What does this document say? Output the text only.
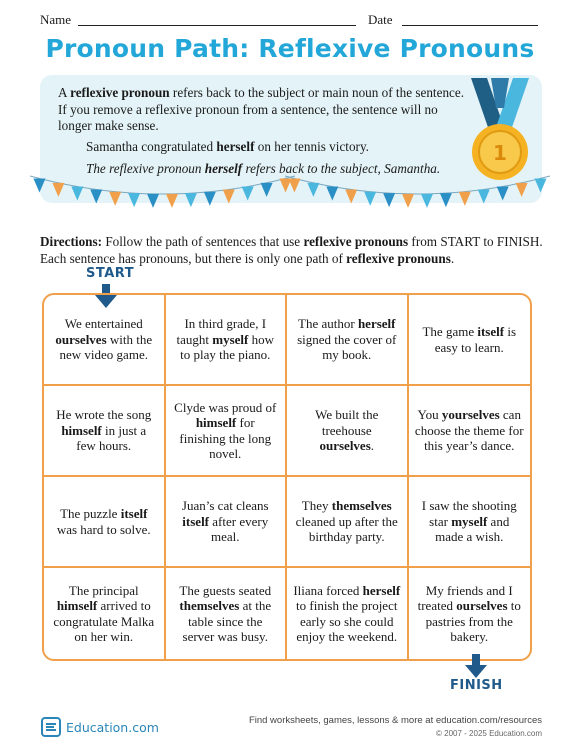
Name	Date
Pronoun Path: Reflexive Pronouns
A reflexive pronoun refers back to the subject or main noun of the sentence. If you remove a reflexive pronoun from a sentence, the sentence will no longer make sense.
Samantha congratulated herself on her tennis victory.
The reflexive pronoun herself refers back to the subject, Samantha.
1
Directions: Follow the path of sentences that use reflexive pronouns from START to FINISH. Each sentence has pronouns, but there is only one path of reflexive pronouns.
START
We entertained ourselves with the new video game.
In third grade, I taught myself how to play the piano.
The author herself signed the cover of my book.
The game itself is easy to learn.
He wrote the song himself in just a few hours.
Clyde was proud of himself for finishing the long novel.
We built the treehouse ourselves.
You yourselves can choose the theme for this year’s dance.
The puzzle itself was hard to solve.
Juan’s cat cleans itself after every meal.
They themselves cleaned up after the birthday party.
I saw the shooting star myself and made a wish.
The principal himself arrived to congratulate Malka on her win.
The guests seated themselves at the table since the server was busy.
Iliana forced herself to finish the project early so she could enjoy the weekend.
My friends and I treated ourselves to pastries from the bakery.
FINISH
Education.com	Find worksheets, games, lessons & more at education.com/resources
© 2007 - 2025 Education.com
